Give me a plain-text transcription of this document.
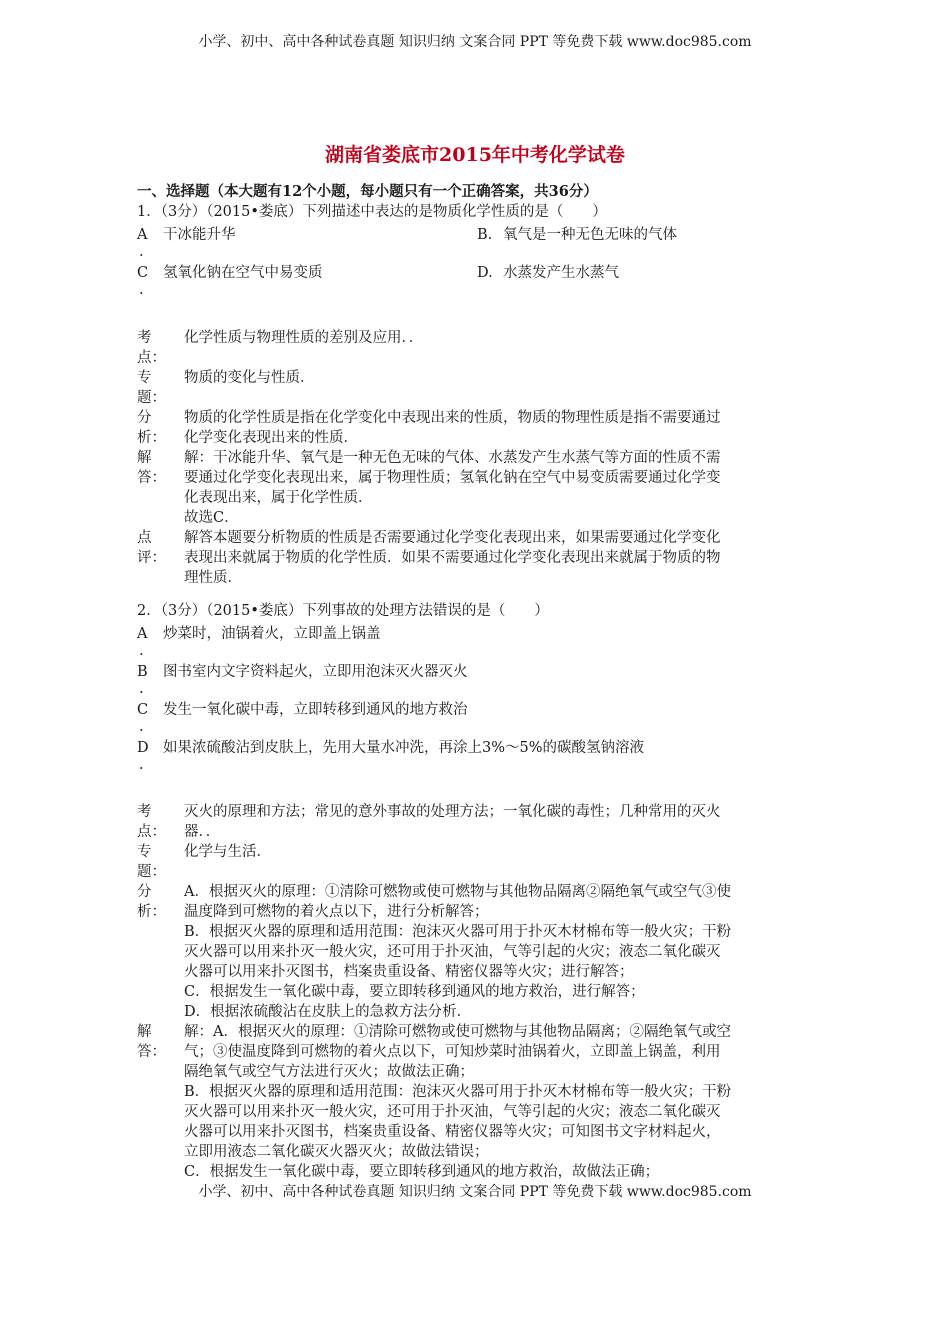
小学、初中、高中各种试卷真题 知识归纳 文案合同 PPT 等免费下载 www.doc985.com
湖南省娄底市2015年中考化学试卷
一、选择题（本大题有12个小题，每小题只有一个正确答案，共36分）
1．（3分）（2015•娄底）下列描述中表达的是物质化学性质的是（　　）
A
.
干冰能升华	B. 氧气是一种无色无味的气体
C
.
氢氧化钠在空气中易变质	D. 水蒸发产生水蒸气
考
点：
化学性质与物理性质的差别及应用．．
专
题：
物质的变化与性质．
分
析：
物质的化学性质是指在化学变化中表现出来的性质，物质的物理性质是指不需要通过
化学变化表现出来的性质．
解
答：
解：干冰能升华、氧气是一种无色无味的气体、水蒸发产生水蒸气等方面的性质不需
要通过化学变化表现出来，属于物理性质；氢氧化钠在空气中易变质需要通过化学变
化表现出来，属于化学性质．
故选C．
点
评：
解答本题要分析物质的性质是否需要通过化学变化表现出来，如果需要通过化学变化
表现出来就属于物质的化学性质．如果不需要通过化学变化表现出来就属于物质的物
理性质．
2．（3分）（2015•娄底）下列事故的处理方法错误的是（　　）
A
.
炒菜时，油锅着火，立即盖上锅盖
B
.
图书室内文字资料起火，立即用泡沫灭火器灭火
C
.
发生一氧化碳中毒，立即转移到通风的地方救治
D
.
如果浓硫酸沾到皮肤上，先用大量水冲洗，再涂上3%～5%的碳酸氢钠溶液
考
点：
灭火的原理和方法；常见的意外事故的处理方法；一氧化碳的毒性；几种常用的灭火
器．．
专
题：
化学与生活．
分
析：
A．根据灭火的原理：①清除可燃物或使可燃物与其他物品隔离②隔绝氧气或空气③使
温度降到可燃物的着火点以下，进行分析解答；
B．根据灭火器的原理和适用范围：泡沫灭火器可用于扑灭木材棉布等一般火灾；干粉
灭火器可以用来扑灭一般火灾，还可用于扑灭油，气等引起的火灾；液态二氧化碳灭
火器可以用来扑灭图书，档案贵重设备、精密仪器等火灾；进行解答；
C．根据发生一氧化碳中毒，要立即转移到通风的地方救治，进行解答；
D．根据浓硫酸沾在皮肤上的急救方法分析．
解
答：
解：A．根据灭火的原理：①清除可燃物或使可燃物与其他物品隔离；②隔绝氧气或空
气；③使温度降到可燃物的着火点以下，可知炒菜时油锅着火，立即盖上锅盖，利用
隔绝氧气或空气方法进行灭火；故做法正确；
B．根据灭火器的原理和适用范围：泡沫灭火器可用于扑灭木材棉布等一般火灾；干粉
灭火器可以用来扑灭一般火灾，还可用于扑灭油，气等引起的火灾；液态二氧化碳灭
火器可以用来扑灭图书，档案贵重设备、精密仪器等火灾；可知图书文字材料起火，
立即用液态二氧化碳灭火器灭火；故做法错误；
C．根据发生一氧化碳中毒，要立即转移到通风的地方救治，故做法正确；
小学、初中、高中各种试卷真题 知识归纳 文案合同 PPT 等免费下载 www.doc985.com
